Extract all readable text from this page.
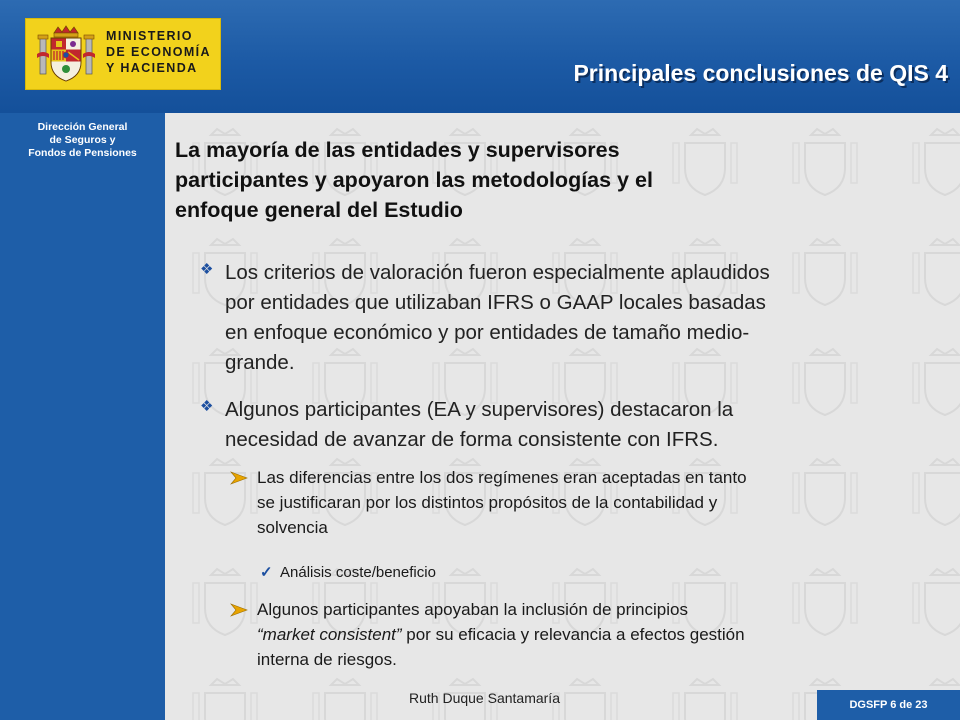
MINISTERIO
DE ECONOMÍA
Y HACIENDA	Principales conclusiones de QIS 4
Dirección General
de Seguros y
Fondos de Pensiones	La mayoría de las entidades y supervisores
participantes y apoyaron las metodologías y el
enfoque general del Estudio
❖ Los criterios de valoración fueron especialmente aplaudidos
por entidades que utilizaban IFRS o GAAP locales basadas
en enfoque económico y por entidades de tamaño medio-
grande.
❖ Algunos participantes (EA y supervisores) destacaron la
necesidad de avanzar de forma consistente con IFRS.
Las diferencias entre los dos regímenes eran aceptadas en tanto
se justificaran por los distintos propósitos de la contabilidad y
solvencia
✓ Análisis coste/beneficio
Algunos participantes apoyaban la inclusión de principios
“market consistent” por su eficacia y relevancia a efectos gestión
interna de riesgos.
Ruth Duque Santamaría	DGSFP 6 de 23
